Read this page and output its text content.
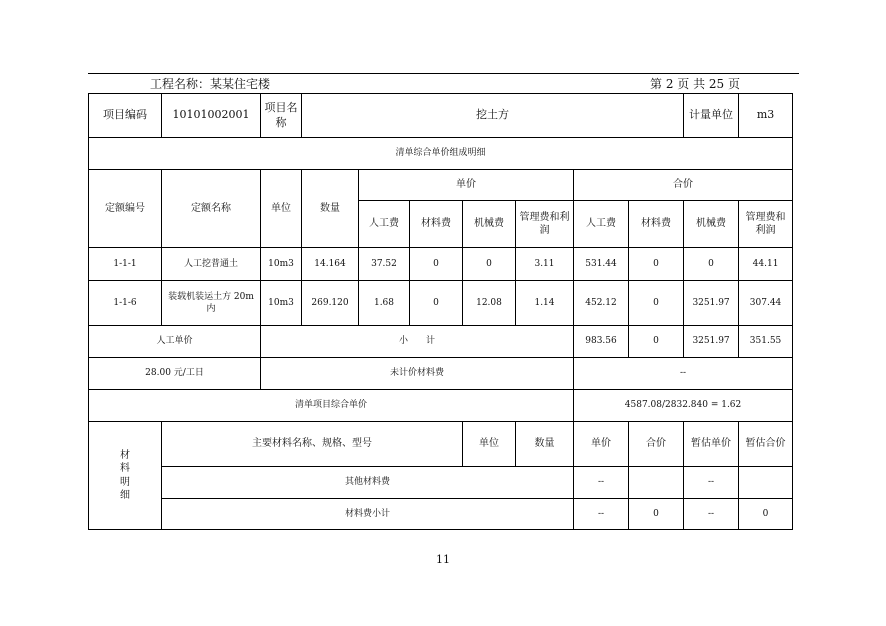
工程名称：某某住宅楼	第 2 页 共 25 页
项目编码	10101002001	项目名称	挖土方							计量单位	m3
清单综合单价组成明细											
定额编号	定额名称	单位	数量	单价				合价			
				人工费	材料费	机械费	管理费和利润	人工费	材料费	机械费	管理费和利润
1-1-1	人工挖普通土	10m3	14.164	37.52	0	0	3.11	531.44	0	0	44.11
1-1-6	装载机装运土方 20m 内	10m3	269.120	1.68	0	12.08	1.14	452.12	0	3251.97	307.44
人工单价		小　　计						983.56	0	3251.97	351.55
28.00 元/工日		未计价材料费						--			
清单项目综合单价								4587.08/2832.840 = 1.62			
材料明细	主要材料名称、规格、型号					单位	数量	单价	合价	暂估单价	暂估合价
	其他材料费							--		--	
	材料费小计							--	0	--	0
11
